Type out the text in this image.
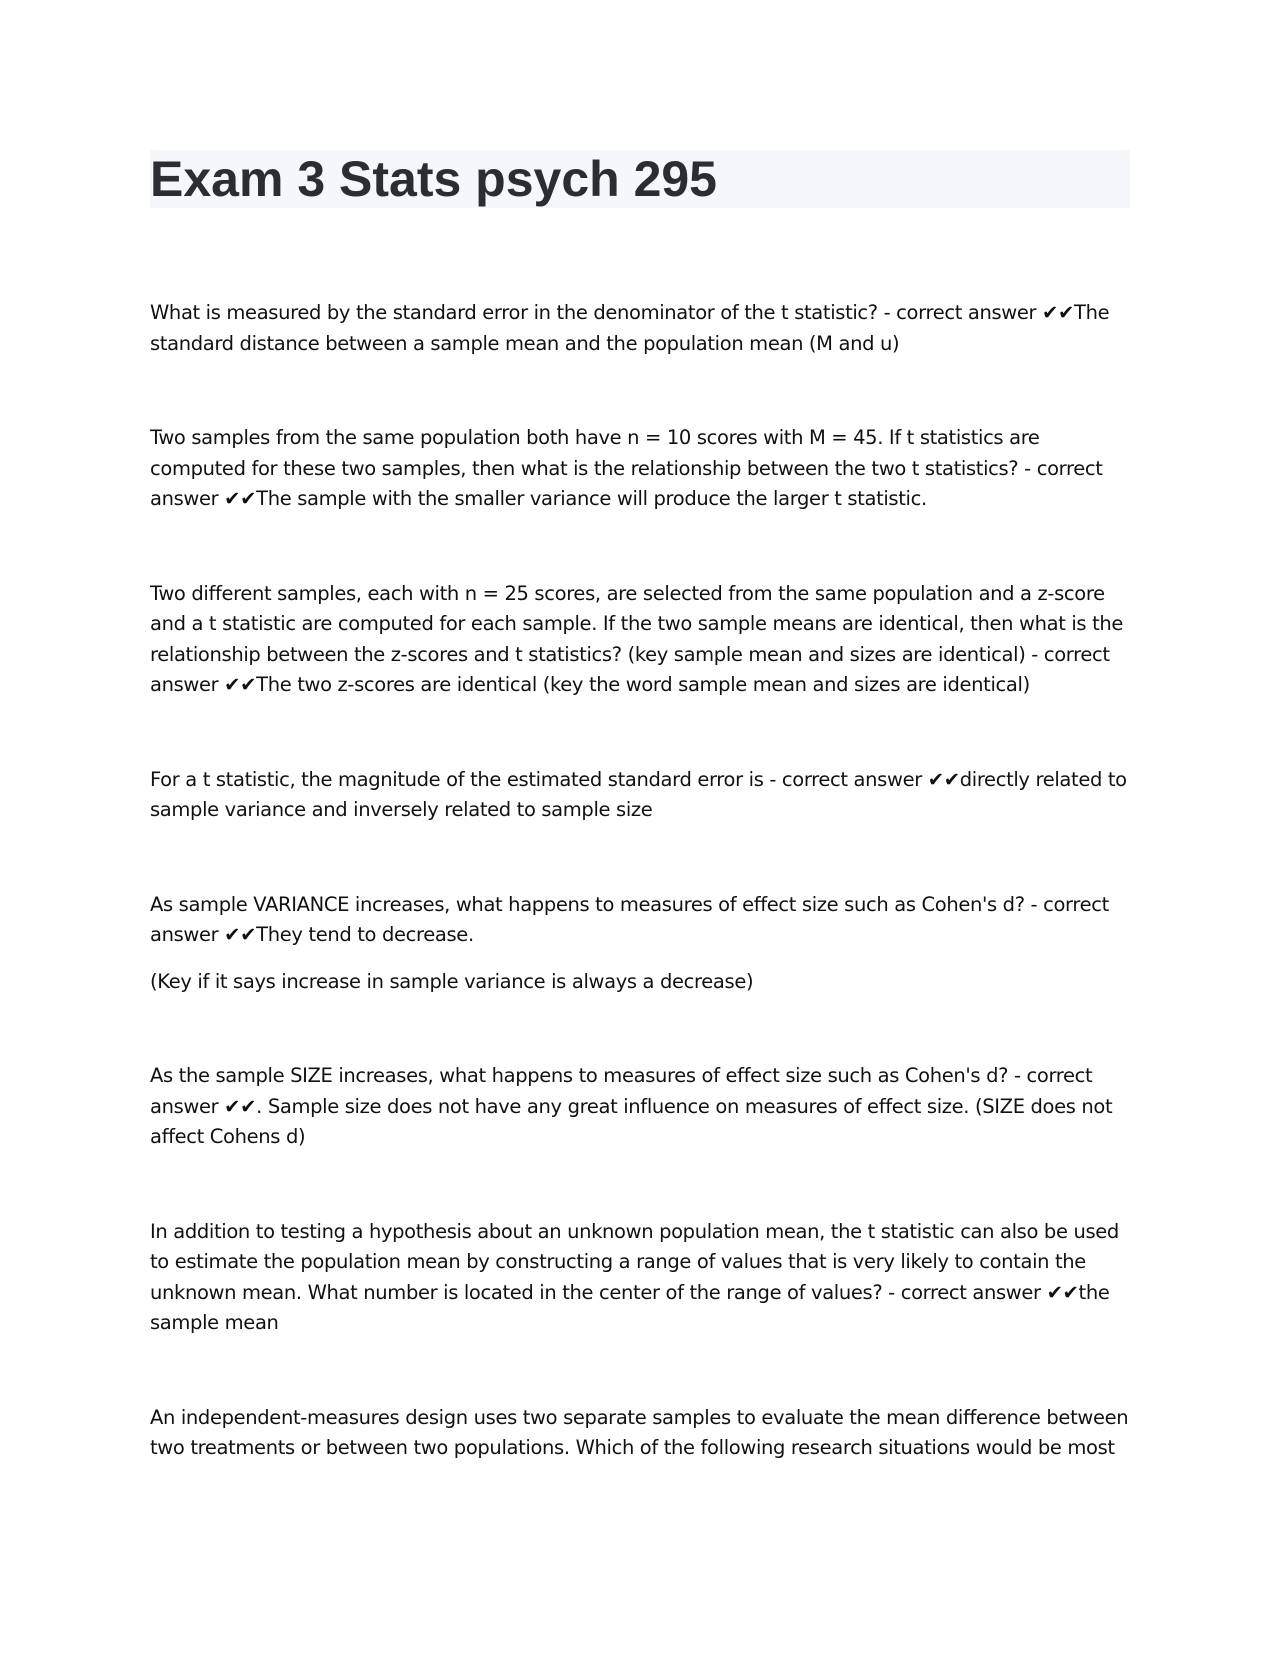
Exam 3 Stats psych 295

What is measured by the standard error in the denominator of the t statistic? - correct answer ✔✔The standard distance between a sample mean and the population mean (M and u)

Two samples from the same population both have n = 10 scores with M = 45. If t statistics are computed for these two samples, then what is the relationship between the two t statistics? - correct answer ✔✔The sample with the smaller variance will produce the larger t statistic.

Two different samples, each with n = 25 scores, are selected from the same population and a z-score and a t statistic are computed for each sample. If the two sample means are identical, then what is the relationship between the z-scores and t statistics? (key sample mean and sizes are identical) - correct answer ✔✔The two z-scores are identical (key the word sample mean and sizes are identical)

For a t statistic, the magnitude of the estimated standard error is - correct answer ✔✔directly related to sample variance and inversely related to sample size

As sample VARIANCE increases, what happens to measures of effect size such as Cohen's d? - correct answer ✔✔They tend to decrease.

(Key if it says increase in sample variance is always a decrease)

As the sample SIZE increases, what happens to measures of effect size such as Cohen's d? - correct answer ✔✔. Sample size does not have any great influence on measures of effect size. (SIZE does not affect Cohens d)

In addition to testing a hypothesis about an unknown population mean, the t statistic can also be used to estimate the population mean by constructing a range of values that is very likely to contain the unknown mean. What number is located in the center of the range of values? - correct answer ✔✔the sample mean

An independent-measures design uses two separate samples to evaluate the mean difference between two treatments or between two populations. Which of the following research situations would be most
